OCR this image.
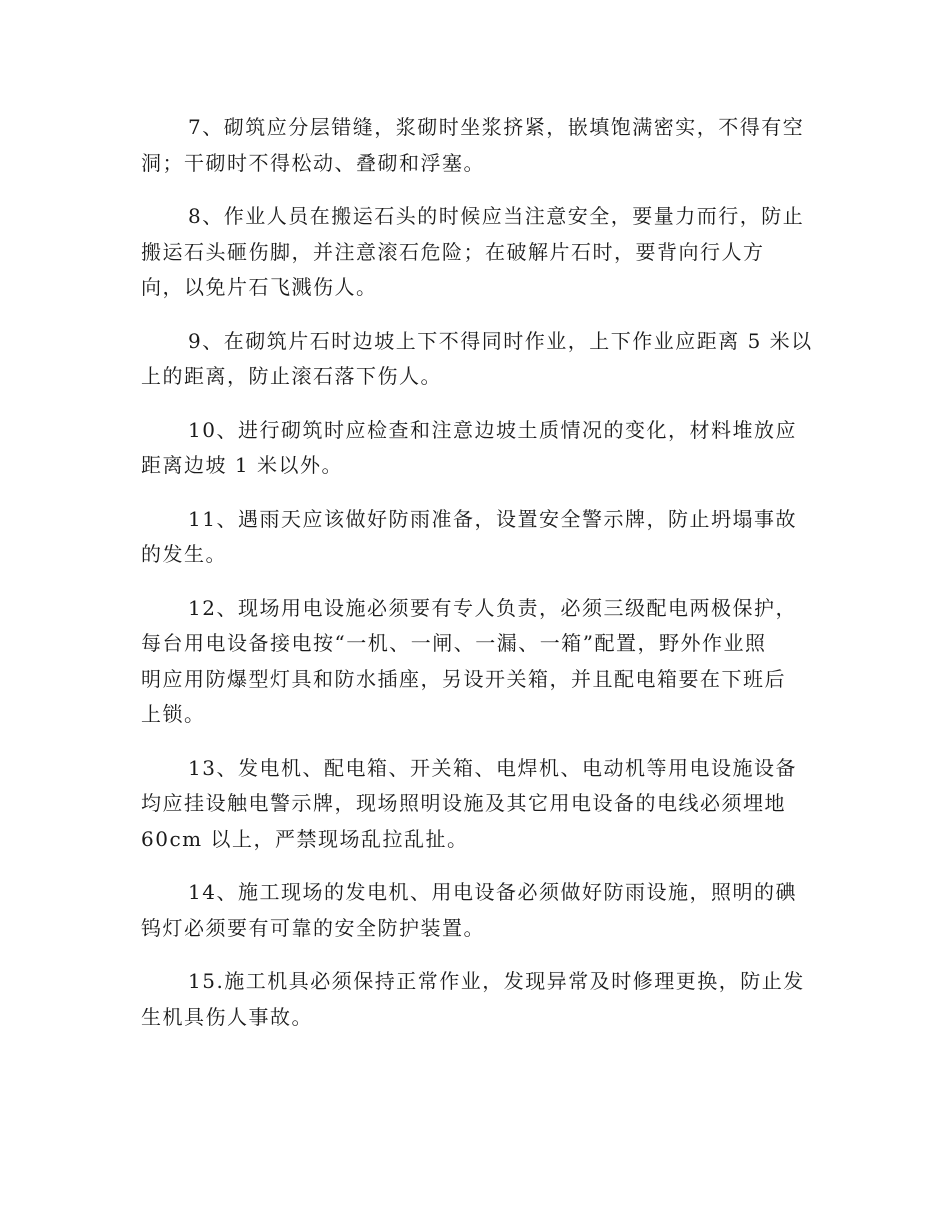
7、砌筑应分层错缝，浆砌时坐浆挤紧，嵌填饱满密实，不得有空
洞；干砌时不得松动、叠砌和浮塞。
8、作业人员在搬运石头的时候应当注意安全，要量力而行，防止
搬运石头砸伤脚，并注意滚石危险；在破解片石时，要背向行人方
向，以免片石飞溅伤人。
9、在砌筑片石时边坡上下不得同时作业，上下作业应距离 5 米以
上的距离，防止滚石落下伤人。
10、进行砌筑时应检查和注意边坡土质情况的变化，材料堆放应
距离边坡 1 米以外。
11、遇雨天应该做好防雨准备，设置安全警示牌，防止坍塌事故
的发生。
12、现场用电设施必须要有专人负责，必须三级配电两极保护，
每台用电设备接电按“一机、一闸、一漏、一箱”配置，野外作业照
明应用防爆型灯具和防水插座，另设开关箱，并且配电箱要在下班后
上锁。
13、发电机、配电箱、开关箱、电焊机、电动机等用电设施设备
均应挂设触电警示牌，现场照明设施及其它用电设备的电线必须埋地
60cm 以上，严禁现场乱拉乱扯。
14、施工现场的发电机、用电设备必须做好防雨设施，照明的碘
钨灯必须要有可靠的安全防护装置。
15.施工机具必须保持正常作业，发现异常及时修理更换，防止发
生机具伤人事故。
